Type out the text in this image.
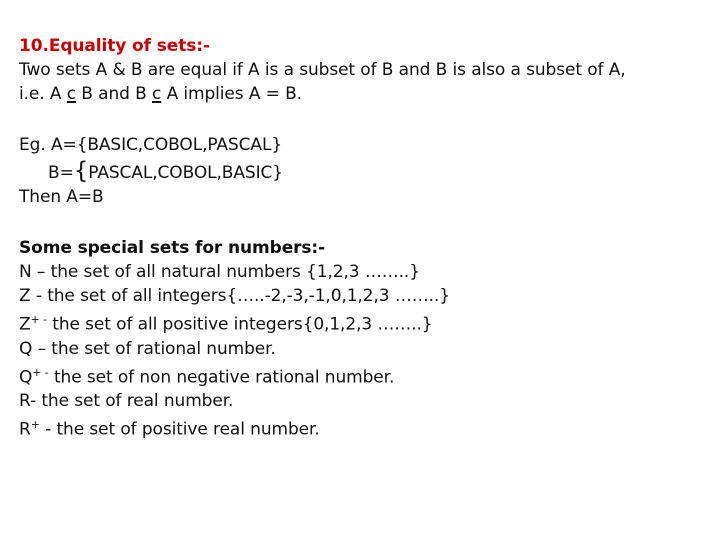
10.Equality of sets:-
Two sets A & B are equal if A is a subset of B and B is also a subset of A,
i.e. A c B and B c A implies A = B.
Eg. A={BASIC,COBOL,PASCAL}
B={PASCAL,COBOL,BASIC}
Then A=B
Some special sets for numbers:-
N – the set of all natural numbers {1,2,3 ……..}
Z - the set of all integers{…..-2,-3,-1,0,1,2,3 ……..}
Z+ - the set of all positive integers{0,1,2,3 ……..}
Q – the set of rational number.
Q+ - the set of non negative rational number.
R- the set of real number.
R+ - the set of positive real number.
